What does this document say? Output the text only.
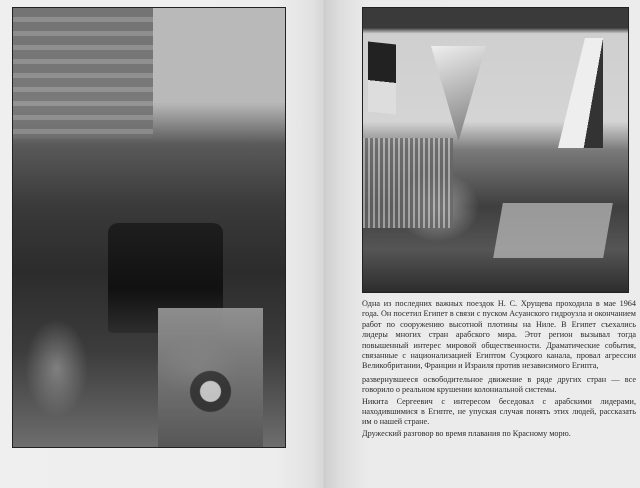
Одна из последних важных поездок Н. С. Хрущева проходила в мае 1964 года. Он посетил Египет в связи с пуском Асуанского гидроузла и окончанием работ по сооружению высотной плотины на Ниле. В Египет съехались лидеры многих стран арабского мира. Этот регион вызывал тогда повышенный интерес мировой общественности. Драматические события, связанные с национализацией Египтом Суэцкого канала, провал агрессии Великобритании, Франции и Израиля против независимого Египта,

развернувшееся освободительное движение в ряде других стран — все говорило о реальном крушении колониальной системы.

Никита Сергеевич с интересом беседовал с арабскими лидерами, находившимися в Египте, не упуская случая понять этих людей, рассказать им о нашей стране.

Дружеский разговор во время плавания по Красному морю.
